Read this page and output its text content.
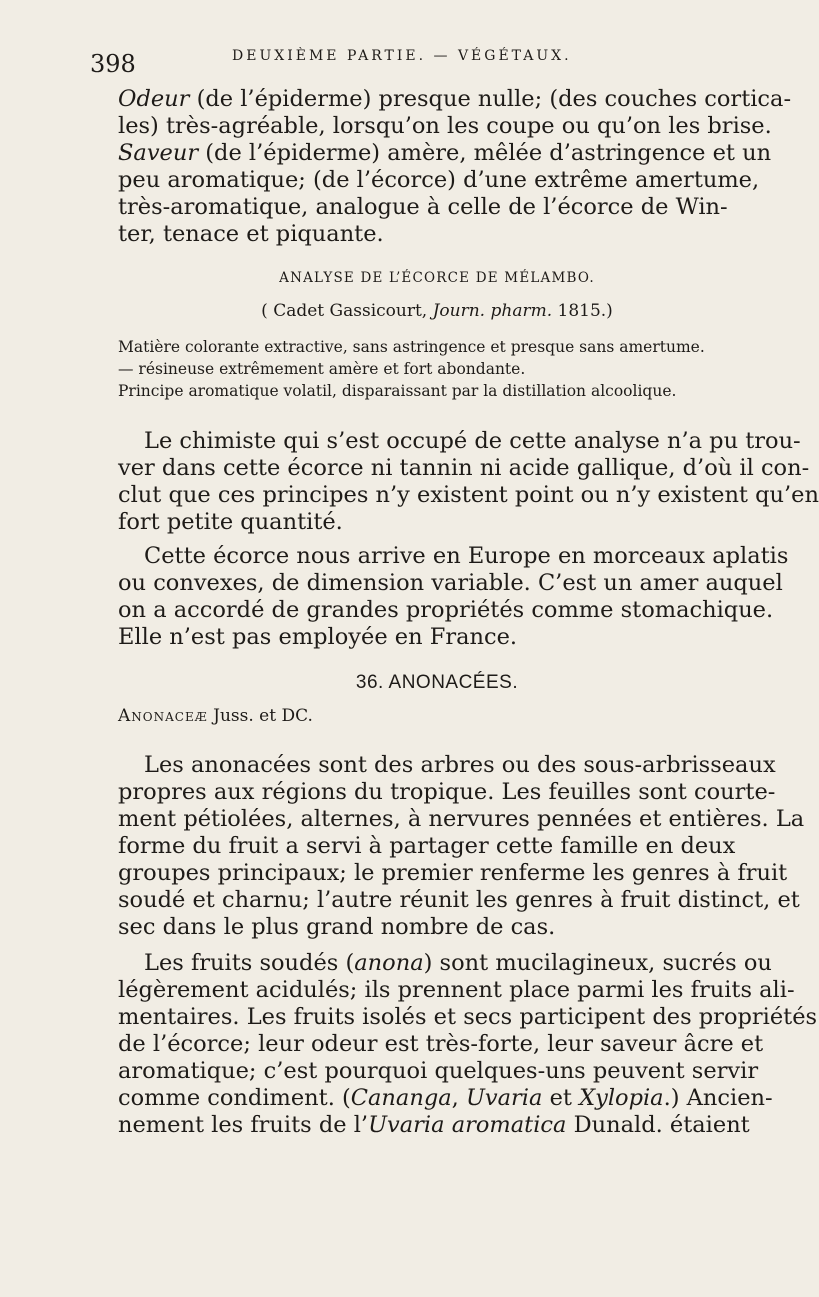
398	DEUXIÈME PARTIE. — VÉGÉTAUX.
Odeur (de l’épiderme) presque nulle; (des couches cortica-
les) très-agréable, lorsqu’on les coupe ou qu’on les brise.
Saveur (de l’épiderme) amère, mêlée d’astringence et un
peu aromatique; (de l’écorce) d’une extrême amertume,
très-aromatique, analogue à celle de l’écorce de Win-
ter, tenace et piquante.
ANALYSE DE L’ÉCORCE DE MÉLAMBO.
( Cadet Gassicourt, Journ. pharm. 1815.)
Matière colorante extractive, sans astringence et presque sans amertume.
— résineuse extrêmement amère et fort abondante.
Principe aromatique volatil, disparaissant par la distillation alcoolique.
Le chimiste qui s’est occupé de cette analyse n’a pu trou-
ver dans cette écorce ni tannin ni acide gallique, d’où il con-
clut que ces principes n’y existent point ou n’y existent qu’en
fort petite quantité.
Cette écorce nous arrive en Europe en morceaux aplatis
ou convexes, de dimension variable. C’est un amer auquel
on a accordé de grandes propriétés comme stomachique.
Elle n’est pas employée en France.
36. ANONACÉES.
Anonaceæ Juss. et DC.
Les anonacées sont des arbres ou des sous-arbrisseaux
propres aux régions du tropique. Les feuilles sont courte-
ment pétiolées, alternes, à nervures pennées et entières. La
forme du fruit a servi à partager cette famille en deux
groupes principaux; le premier renferme les genres à fruit
soudé et charnu; l’autre réunit les genres à fruit distinct, et
sec dans le plus grand nombre de cas.
Les fruits soudés (anona) sont mucilagineux, sucrés ou
légèrement acidulés; ils prennent place parmi les fruits ali-
mentaires. Les fruits isolés et secs participent des propriétés
de l’écorce; leur odeur est très-forte, leur saveur âcre et
aromatique; c’est pourquoi quelques-uns peuvent servir
comme condiment. (Cananga, Uvaria et Xylopia.) Ancien-
nement les fruits de l’Uvaria aromatica Dunald. étaient
